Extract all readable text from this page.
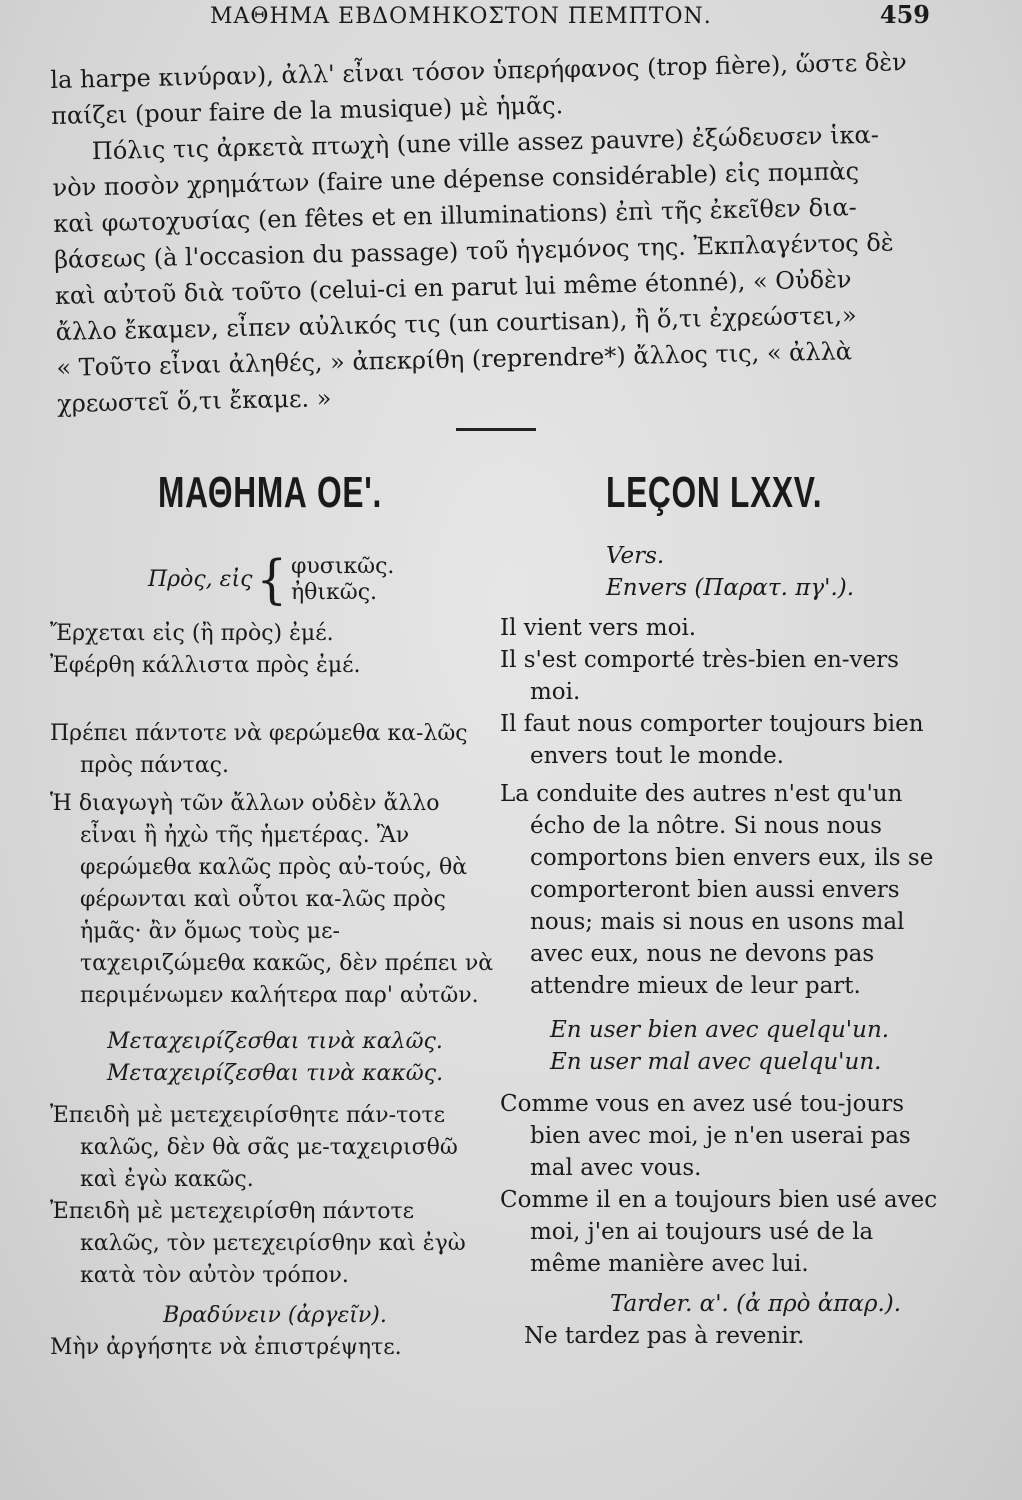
ΜΑΘΗΜΑ ΕΒΔΟΜΗΚΟΣΤΟΝ ΠΕΜΠΤΟΝ.	459

la harpe κινύραν), ἀλλ' εἶναι τόσον ὑπερήφανος (trop fière), ὥστε δὲν

παίζει (pour faire de la musique) μὲ ἡμᾶς.

Πόλις τις ἀρκετὰ πτωχὴ (une ville assez pauvre) ἐξώδευσεν ἱκα-

νὸν ποσὸν χρημάτων (faire une dépense considérable) εἰς πομπὰς

καὶ φωτοχυσίας (en fêtes et en illuminations) ἐπὶ τῆς ἐκεῖθεν δια-

βάσεως (à l'occasion du passage) τοῦ ἡγεμόνος της. Ἐκπλαγέντος δὲ

καὶ αὐτοῦ διὰ τοῦτο (celui-ci en parut lui même étonné), « Οὐδὲν

ἄλλο ἔκαμεν, εἶπεν αὐλικός τις (un courtisan), ἢ ὅ,τι ἐχρεώστει,»

« Τοῦτο εἶναι ἀληθές, » ἀπεκρίθη (reprendre*) ἄλλος τις, « ἀλλὰ

χρεωστεῖ ὅ,τι ἔκαμε. »

ΜΑΘΗΜΑ ΟΕ'.	LEÇON LXXV.
Πρὸς, εἰς { φυσικῶς.
ἠθικῶς.

Ἔρχεται εἰς (ἢ πρὸς) ἐμέ.

Ἐφέρθη κάλλιστα πρὸς ἐμέ.

Πρέπει πάντοτε νὰ φερώμεθα κα-λῶς πρὸς πάντας.

Ἡ διαγωγὴ τῶν ἄλλων οὐδὲν ἄλλο εἶναι ἢ ἠχὼ τῆς ἡμετέρας. Ἂν φερώμεθα καλῶς πρὸς αὐ-τούς, θὰ φέρωνται καὶ οὗτοι κα-λῶς πρὸς ἡμᾶς· ἂν ὅμως τοὺς με-ταχειριζώμεθα κακῶς, δὲν πρέπει νὰ περιμένωμεν καλήτερα παρ' αὐτῶν.

Μεταχειρίζεσθαι τινὰ καλῶς.

Μεταχειρίζεσθαι τινὰ κακῶς.

Ἐπειδὴ μὲ μετεχειρίσθητε πάν-τοτε καλῶς, δὲν θὰ σᾶς με-ταχειρισθῶ καὶ ἐγὼ κακῶς.

Ἐπειδὴ μὲ μετεχειρίσθη πάντοτε καλῶς, τὸν μετεχειρίσθην καὶ ἐγὼ κατὰ τὸν αὐτὸν τρόπον.

Βραδύνειν (ἀργεῖν).

Μὴν ἀργήσητε νὰ ἐπιστρέψητε.

Vers.

Envers (Παρατ. πγ'.).

Il vient vers moi.

Il s'est comporté très-bien en-vers moi.

Il faut nous comporter toujours bien envers tout le monde.

La conduite des autres n'est qu'un écho de la nôtre. Si nous nous comportons bien envers eux, ils se comporteront bien aussi envers nous; mais si nous en usons mal avec eux, nous ne devons pas attendre mieux de leur part.

En user bien avec quelqu'un.

En user mal avec quelqu'un.

Comme vous en avez usé tou-jours bien avec moi, je n'en userai pas mal avec vous.

Comme il en a toujours bien usé avec moi, j'en ai toujours usé de la même manière avec lui.

Tarder. α'. (ἀ πρὸ ἀπαρ.).

Ne tardez pas à revenir.
